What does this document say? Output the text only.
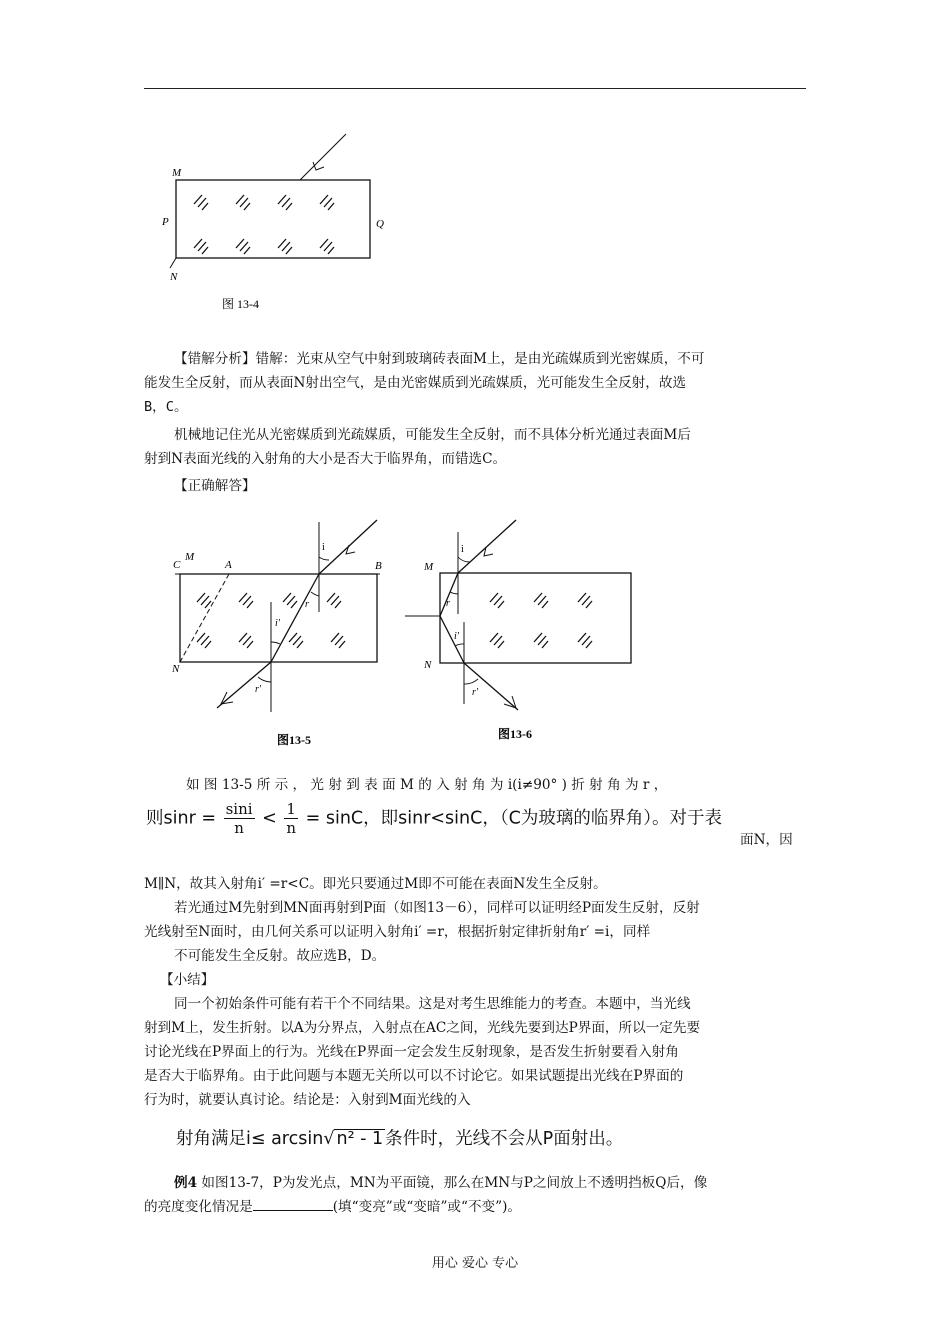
M
P	Q
N
图 13-4
C
M
A	B
N
i
r
i′
r′
图13-5
M
N
i
r
i′
r′
图13-6

【错解分析】错解：光束从空气中射到玻璃砖表面M上，是由光疏媒质到光密媒质，不可

能发生全反射，而从表面N射出空气，是由光密媒质到光疏媒质，光可能发生全反射，故选

B，C。

机械地记住光从光密媒质到光疏媒质，可能发生全反射，而不具体分析光通过表面M后

射到N表面光线的入射角的大小是否大于临界角，而错选C。

【正确解答】

如 图 13-5 所 示 ， 光 射 到 表 面 M 的 入 射 角 为 i(i≠90° ) 折 射 角 为 r ，

则$\sin r = \frac{\sin i}{n} < \frac{1}{n} = \sin C$，即sinr<sinC，（C为玻璃的临界角）。对于表

面N，因

M∥N，故其入射角i′ =r<C。即光只要通过M即不可能在表面N发生全反射。

若光通过M先射到MN面再射到P面（如图13－6），同样可以证明经P面发生反射，反射

光线射至N面时，由几何关系可以证明入射角i′ =r，根据折射定律折射角r′ =i，同样

不可能发生全反射。故应选B，D。

【小结】

同一个初始条件可能有若干个不同结果。这是对考生思维能力的考查。本题中，当光线

射到M上，发生折射。以A为分界点，入射点在AC之间，光线先要到达P界面，所以一定先要

讨论光线在P界面上的行为。光线在P界面一定会发生反射现象，是否发生折射要看入射角

是否大于临界角。由于此问题与本题无关所以可以不讨论它。如果试题提出光线在P界面的

行为时，就要认真讨论。结论是：入射到M面光线的入

射角满足i≤ arcsin√ n² - 1 条件时，光线不会从P面射出。

例4 如图13-7，P为发光点，MN为平面镜，那么在MN与P之间放上不透明挡板Q后，像

的亮度变化情况是	(填“变亮”或“变暗”或“不变”)。

用心 爱心 专心
